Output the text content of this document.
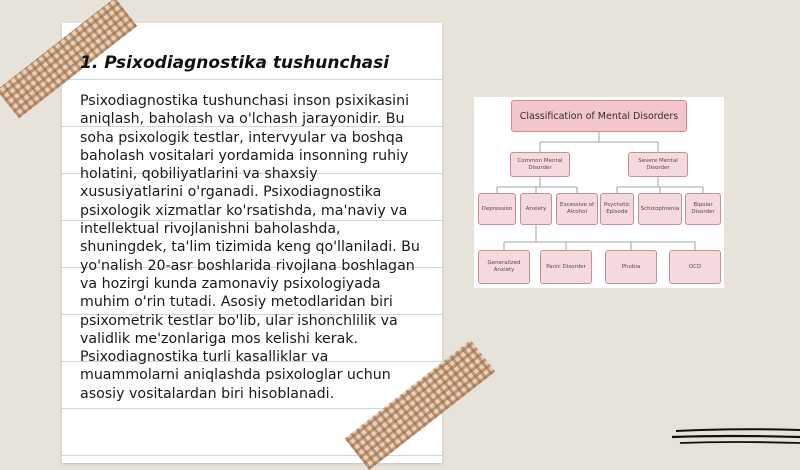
1. Psixodiagnostika tushunchasi

Psixodiagnostika tushunchasi inson psixikasini aniqlash, baholash va o'lchash jarayonidir. Bu soha psixologik testlar, intervyular va boshqa baholash vositalari yordamida insonning ruhiy holatini, qobiliyatlarini va shaxsiy xususiyatlarini o'rganadi. Psixodiagnostika psixologik xizmatlar ko'rsatishda, ma'naviy va intellektual rivojlanishni baholashda, shuningdek, ta'lim tizimida keng qo'llaniladi. Bu yo'nalish 20-asr boshlarida rivojlana boshlagan va hozirgi kunda zamonaviy psixologiyada muhim o'rin tutadi. Asosiy metodlaridan biri psixometrik testlar bo'lib, ular ishonchlilik va validlik me'zonlariga mos kelishi kerak. Psixodiagnostika turli kasalliklar va muammolarni aniqlashda psixologlar uchun asosiy vositalardan biri hisoblanadi.

Classification of Mental Disorders
Common Mental Disorder
Severe Mental Disorder
Depression	Anxiety
Excessive of Alcohol
Psychotic Episode
Schizophrenia
Bipolar Disorder
Generalized Anxiety
Panic Disorder	Phobia	OCD
